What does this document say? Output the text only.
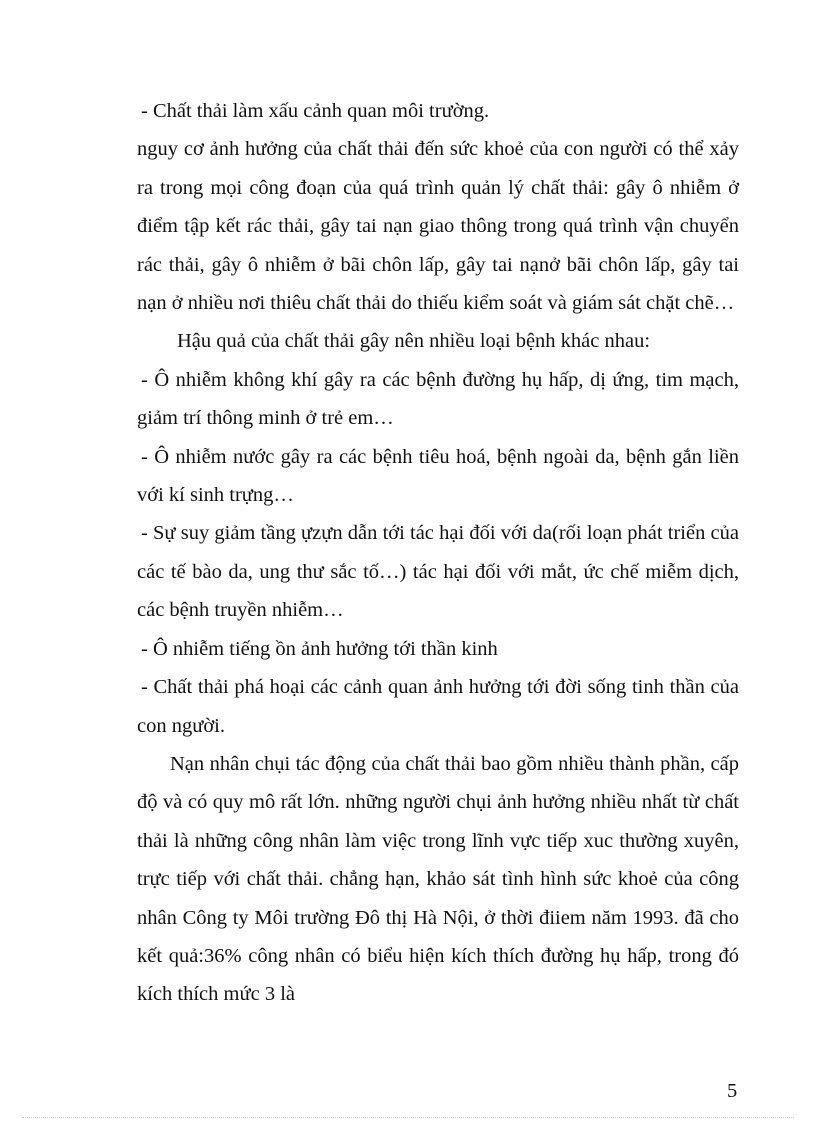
- Chất thải làm xấu cảnh quan môi trường.

nguy cơ ảnh hưởng của chất thải đến sức khoẻ của con người có thể xảy ra trong mọi công đoạn của quá trình quản lý chất thải: gây ô nhiễm ở điểm tập kết rác thải, gây tai nạn giao thông trong quá trình vận chuyển rác thải, gây ô nhiễm ở bãi chôn lấp, gây tai nạnở bãi chôn lấp, gây tai nạn ở nhiều nơi thiêu chất thải do thiếu kiểm soát và giám sát chặt chẽ…

Hậu quả của chất thải gây nên nhiều loại bệnh khác nhau:

- Ô nhiễm không khí gây ra các bệnh đường hụ hấp, dị ứng, tim mạch, giảm trí thông minh ở trẻ em…

- Ô nhiễm nước gây ra các bệnh tiêu hoá, bệnh ngoài da, bệnh gắn liền với kí sinh trựng…

- Sự suy giảm tầng ựzựn dẫn tới tác hại đối với da(rối loạn phát triển của các tế bào da, ung thư sắc tố…) tác hại đối với mắt, ức chế miễm dịch, các bệnh truyền nhiễm…

- Ô nhiễm tiếng ồn ảnh hưởng tới thần kinh

- Chất thải phá hoại các cảnh quan ảnh hưởng tới đời sống tinh thần của con người.

Nạn nhân chụi tác động của chất thải bao gồm nhiều thành phần, cấp độ và có quy mô rất lớn. những người chụi ảnh hưởng nhiều nhất từ chất thải là những công nhân làm việc trong lĩnh vực tiếp xuc thường xuyên, trực tiếp với chất thải. chẳng hạn, khảo sát tình hình sức khoẻ của công nhân Công ty Môi trường Đô thị Hà Nội, ở thời điiem năm 1993. đã cho kết quả:36% công nhân có biểu hiện kích thích đường hụ hấp, trong đó kích thích mức 3 là

5
